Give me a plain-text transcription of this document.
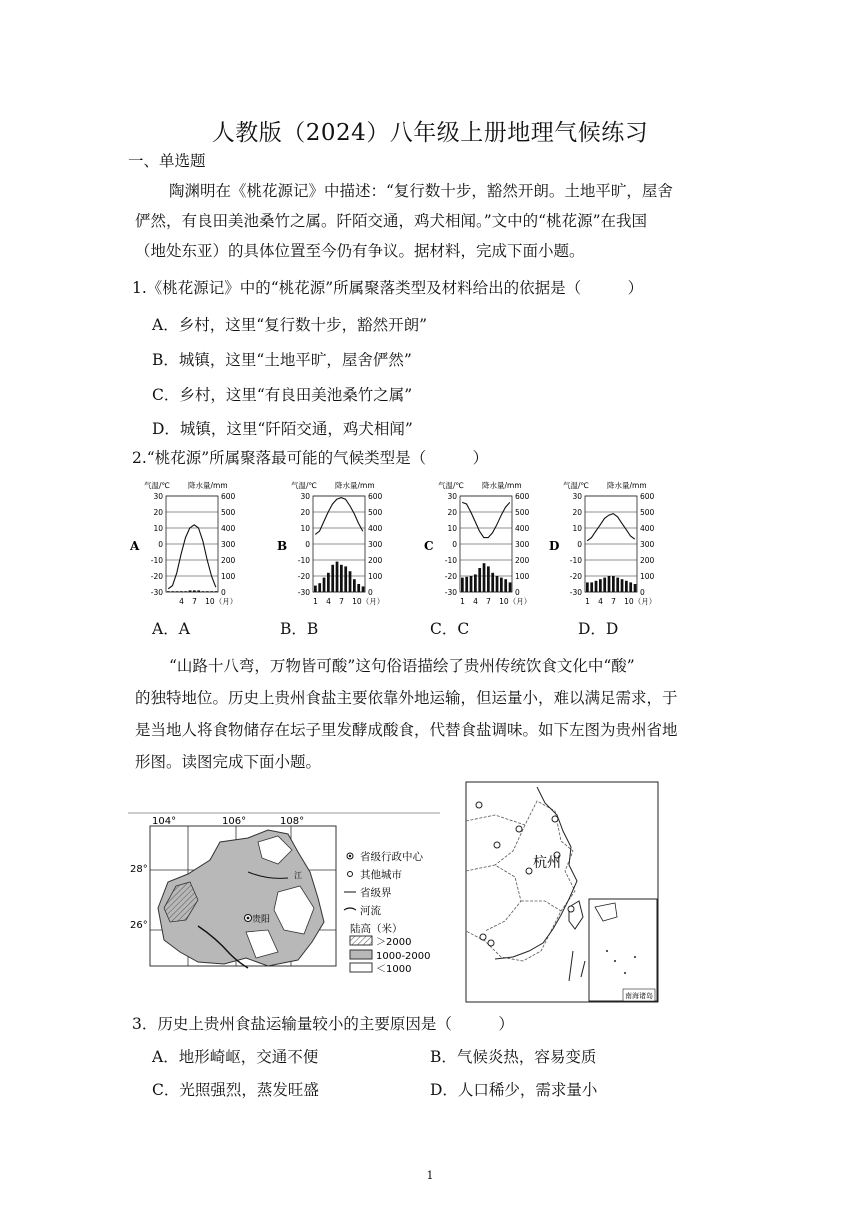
人教版（2024）八年级上册地理气候练习
一、单选题
陶渊明在《桃花源记》中描述：“复行数十步，豁然开朗。土地平旷，屋舍
俨然，有良田美池桑竹之属。阡陌交通，鸡犬相闻。”文中的“桃花源”在我国
（地处东亚）的具体位置至今仍有争议。据材料，完成下面小题。
1.《桃花源记》中的“桃花源”所属聚落类型及材料给出的依据是（　　　）
A．乡村，这里“复行数十步，豁然开朗”
B．城镇，这里“土地平旷，屋舍俨然”
C．乡村，这里“有良田美池桑竹之属”
D．城镇，这里“阡陌交通，鸡犬相闻”
2.“桃花源”所属聚落最可能的气候类型是（　　　）
A
气温/℃ 降水量/mm
30	600
20	500
10	400
0	300
-10	200
-20	100
-30	0
4 7 10（月）
B
气温/℃ 降水量/mm
30	600
20	500
10	400
0	300
-10	200
-20	100
-30	0
1 4 7 10（月）
C
气温/℃ 降水量/mm
30	600
20	500
10	400
0	300
-10	200
-20	100
-30	0
1 4 7 10（月）
D
气温/℃ 降水量/mm
30	600
20	500
10	400
0	300
-10	200
-20	100
-30	0
1 4 7 10（月）
A．A	B．B	C．C	D．D
“山路十八弯，万物皆可酸”这句俗语描绘了贵州传统饮食文化中“酸”
的独特地位。历史上贵州食盐主要依靠外地运输，但运量小，难以满足需求，于
是当地人将食物储存在坛子里发酵成酸食，代替食盐调味。如下左图为贵州省地
形图。读图完成下面小题。
104°	106°	108°
28°
26°	贵阳
江
省级行政中心
其他城市
省级界
河流
陆高（米）
＞2000
1000-2000
＜1000
杭州
南海诸岛
3．历史上贵州食盐运输量较小的主要原因是（　　　）
A．地形崎岖，交通不便	B．气候炎热，容易变质
C．光照强烈，蒸发旺盛	D．人口稀少，需求量小
1
